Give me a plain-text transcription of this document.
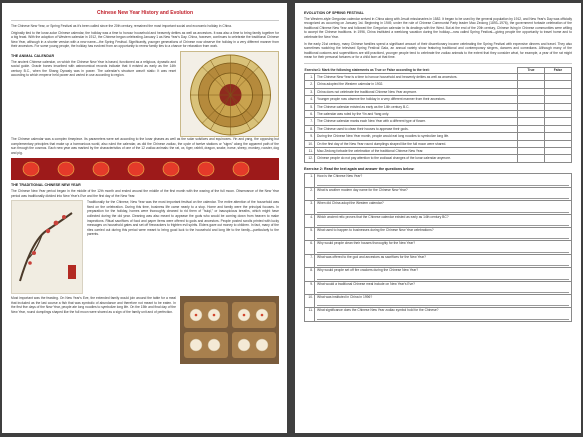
Chinese New Year History and Evolution

The Chinese New Year, or Spring Festival as it's been called since the 20th century, remained the most important social and economic holiday in China.

Originally tied to the lunar-solar Chinese calendar, the holiday was a time to honour household and heavenly deities as well as ancestors. It was also a time to bring family together for a big feast. With the adoption of Western calendar in 1912, the Chinese began celebrating January 1 as New Year's Day. China, however, continues to celebrate the traditional Chinese New Year, although in a shorter version with a new name—the Spring Festival. Significantly, younger generations of Chinese now observe the holiday in a very different manner from their ancestors. For some young people, the holiday has evolved from an opportunity to renew family ties to a chance for relaxation from work.

THE ANIMAL CALENDAR

The ancient Chinese calendar, on which the Chinese New Year is based, functioned as a religious, dynastic and social guide. Oracle bones inscribed with astronomical records indicate that it existed as early as the 14th century B.C., when the Shang Dynasty was in power. The calendar's structure wasn't static: It was reset according to which emperor held power and varied in use according to region.

The Chinese calendar was a complex timepiece. Its parameters were set according to the lunar phases as well as the solar solstices and equinoxes. Yin and yang, the opposing but complementary principles that make up a harmonious world, also ruled the calendar, as did the Chinese zodiac, the cycle of twelve stations or "signs" along the apparent path of the sun through the cosmos. Each new year was marked by the characteristics of one of the 12 zodiac animals: the rat, ox, tiger, rabbit, dragon, snake, horse, sheep, monkey, rooster, dog and pig.

THE TRADITIONAL CHINESE NEW YEAR

The Chinese New Year period began in the middle of the 12th month and ended around the middle of the first month with the waxing of the full moon. Observance of the New Year period was traditionally divided into New Year's Eve and the first day of the New Year.

Traditionally for the Chinese, New Year was the most important festival on the calendar. The entire attention of the household was fixed on the celebration. During this time, business life came nearly to a stop. Home and family were the principal focuses. In preparation for the holiday, homes were thoroughly cleaned to rid them of "huiqi," or inauspicious breaths, which might have collected during the old year. Cleaning was also meant to appease the gods who would be coming down from heaven to make inspections. Ritual sacrifices of food and paper items were offered to gods and ancestors. People posted scrolls printed with lucky messages on household gates and set off firecrackers to frighten evil spirits. Elders gave out money to children. In fact, many of the rites carried out during this period were meant to bring good luck to the household and long life to the family—particularly to the parents.

Most important was the feasting. On New Year's Eve, the extended family would join around the table for a meal that included as the last course a fish that was symbolic of abundance and therefore not meant to be eaten. In the first five days of the New Year, people ate long noodles to symbolize long life. On the 15th and final day of the New Year, round dumplings shaped like the full moon were shared as a sign of the family unit and of perfection.

EVOLUTION OF SPRING FESTIVAL

The Western-style Gregorian calendar arrived in China along with Jesuit missionaries in 1582. It began to be used by the general population by 1912, and New Year's Day was officially recognized as occurring on January 1st. Beginning in 1949, under the rule of Chinese Communist Party leader Mao Zedong (1893–1976), the government forbade celebration of the traditional Chinese New Year and followed the Gregorian calendar in its dealings with the West. But at the end of the 20th century, Chinese living in Chinese communities were willing to accept the Chinese traditions. In 1996, China instituted a weeklong vacation during the holiday—now called Spring Festival—giving people the opportunity to travel home and to celebrate the New Year.

In the early 21st century, many Chinese families spend a significant amount of their discretionary income celebrating the Spring Festival with expensive dinners and travel. They also sometimes watching the televised Spring Festival Gala, an annual variety show featuring traditional and contemporary singers, dancers and comedians. Although many of the traditional customs and superstitions are still practiced, younger people tend to celebrate the zodiac animals to the extent that they consider what, for example, a year of the rat might mean for their personal fortunes or for a child born at that time.

Exercise1: Mark the following statements as True or False according to the text:		True	False
1.	The Chinese New Year is a time to honour household and heavenly deities as well as ancestors.		
2.	China adopted the Western calendar in 1902.		
3.	China does not celebrate the traditional Chinese New Year anymore.		
4.	Younger people now observe the holiday in a very different manner from their ancestors.		
5.	The Chinese calendar existed as early as the 14th century B.C.		
6.	The calendar was ruled by the Yin and Yang only.		
7.	The Chinese calendar marks each New Year with a different type of flower.		
8.	The Chinese used to clean their houses to appease their gods.		
9.	During the Chinese New Year month, people would eat long noodles to symbolize long life.		
10.	On the first day of the New Year round dumplings shaped like the full moon were shared.		
11.	Mao Zedong forbade the celebration of the traditional Chinese New Year.		
12.	Chinese people do not pay attention to the zodiacal changes of the lunar calendar anymore.		
Exercise 2: Read the text again and answer the questions below:
1.	How is the Chinese New Year?

2.	What is another modern day name for the Chinese New Year?

3.	When did China adopt the Western calendar?

4.	Which ancient relic proves that the Chinese calendar existed as early as 14th century BC?

5.	What used to happen to businesses during the Chinese New Year celebrations?

6.	Why would people clean their houses thoroughly for the New Year?

7.	What was offered to the god and ancestors as sacrifices for the New Year?

8.	Why would people set off fire crackers during the Chinese New Year?

9.	What would a traditional Chinese meal include on New Year's Eve?

10.	What was instituted in China in 1996?

11.	What significance does the Chinese New Year zodiac symbol hold for the Chinese?
